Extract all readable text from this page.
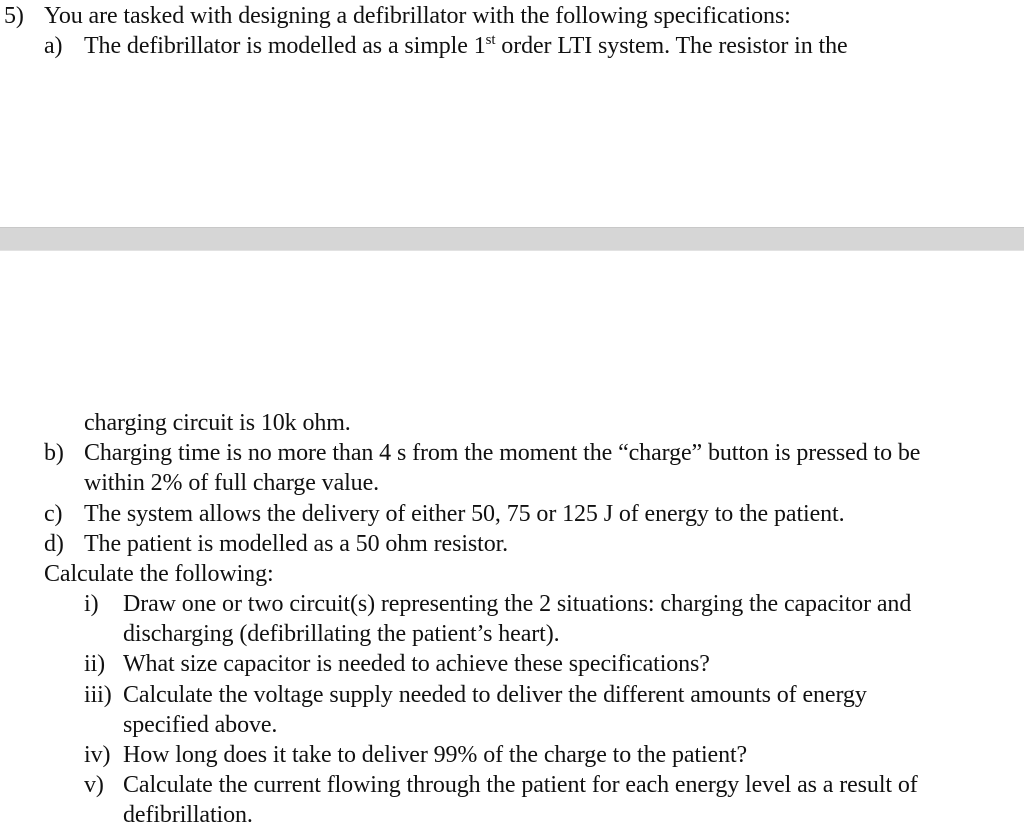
5) You are tasked with designing a defibrillator with the following specifications:
a) The defibrillator is modelled as a simple 1st order LTI system. The resistor in the
charging circuit is 10k ohm.
b) Charging time is no more than 4 s from the moment the “charge” button is pressed to be
within 2% of full charge value.
c) The system allows the delivery of either 50, 75 or 125 J of energy to the patient.
d) The patient is modelled as a 50 ohm resistor.
Calculate the following:
i) Draw one or two circuit(s) representing the 2 situations: charging the capacitor and
discharging (defibrillating the patient’s heart).
ii) What size capacitor is needed to achieve these specifications?
iii) Calculate the voltage supply needed to deliver the different amounts of energy
specified above.
iv) How long does it take to deliver 99% of the charge to the patient?
v) Calculate the current flowing through the patient for each energy level as a result of
defibrillation.
